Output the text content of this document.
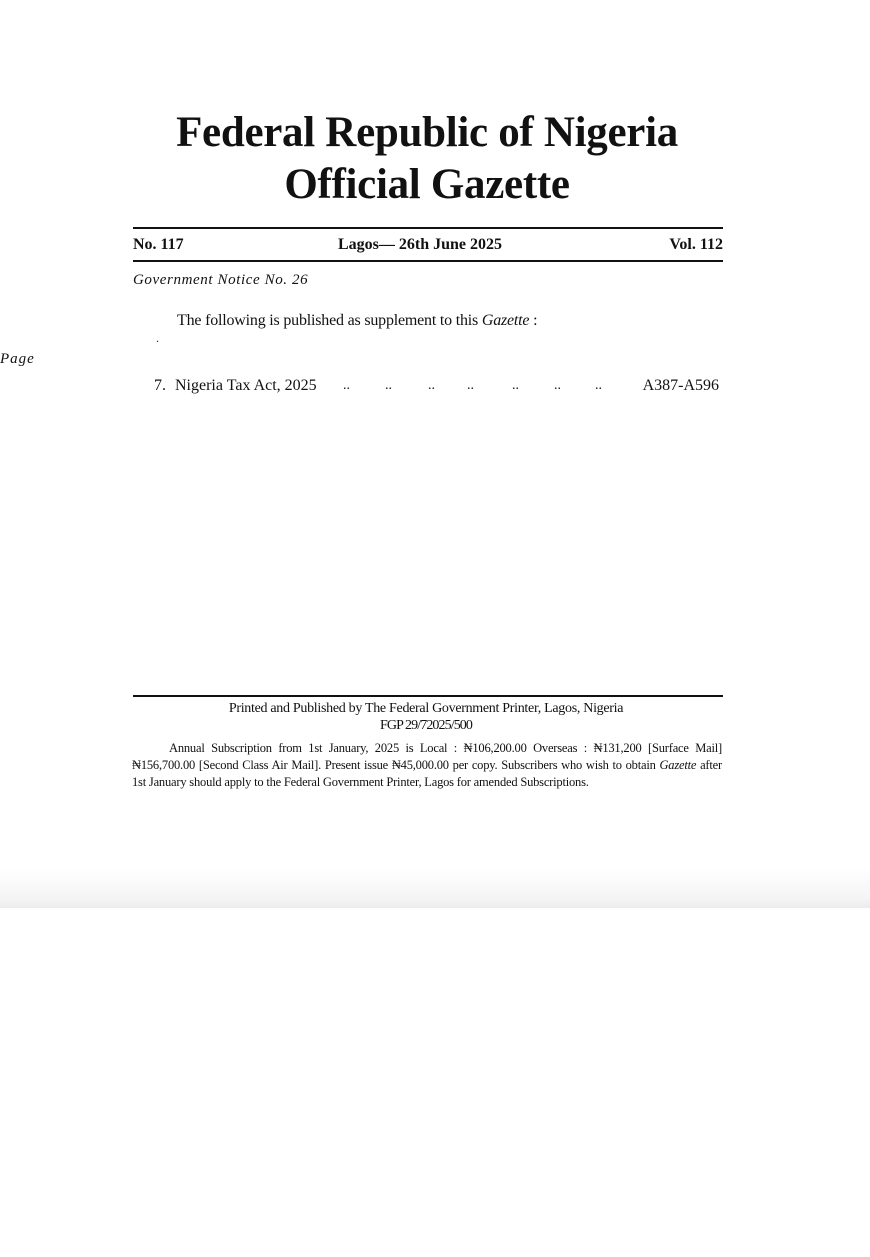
Federal Republic of Nigeria
Official Gazette
No. 117	Lagos— 26th June 2025	Vol. 112
Government Notice No. 26
The following is published as supplement to this Gazette :
.
Page
7. Nigeria Tax Act, 2025 ..	..	.. ..	..	.. ..	A387-A596
Printed and Published by The Federal Government Printer, Lagos, Nigeria
FGP 29/72025/500
Annual Subscription from 1st January, 2025 is Local : ₦106,200.00 Overseas : ₦131,200 [Surface Mail] ₦156,700.00 [Second Class Air Mail]. Present issue ₦45,000.00 per copy. Subscribers who wish to obtain Gazette after 1st January should apply to the Federal Government Printer, Lagos for amended Subscriptions.
